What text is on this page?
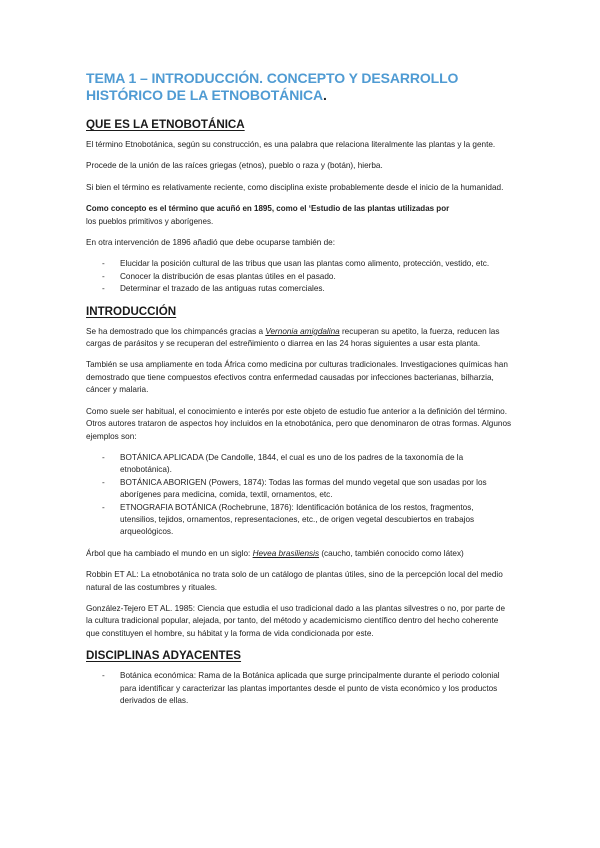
TEMA 1 – INTRODUCCIÓN. CONCEPTO Y DESARROLLO
HISTÓRICO DE LA ETNOBOTÁNICA.
QUE ES LA ETNOBOTÁNICA

El término Etnobotánica, según su construcción, es una palabra que relaciona literalmente las plantas y la gente.

Procede de la unión de las raíces griegas (etnos), pueblo o raza y (botán), hierba.

Si bien el término es relativamente reciente, como disciplina existe probablemente desde el inicio de la humanidad.

Como concepto es el término que acuñó en 1895, como el ‘Estudio de las plantas utilizadas por
los pueblos primitivos y aborígenes.

En otra intervención de 1896 añadió que debe ocuparse también de:

- Elucidar la posición cultural de las tribus que usan las plantas como alimento, protección, vestido, etc.
- Conocer la distribución de esas plantas útiles en el pasado.
- Determinar el trazado de las antiguas rutas comerciales.
INTRODUCCIÓN

Se ha demostrado que los chimpancés gracias a Vernonia amigdalina recuperan su apetito, la fuerza, reducen las cargas de parásitos y se recuperan del estreñimiento o diarrea en las 24 horas siguientes a usar esta planta.

También se usa ampliamente en toda África como medicina por culturas tradicionales. Investigaciones químicas han demostrado que tiene compuestos efectivos contra enfermedad causadas por infecciones bacterianas, bilharzia, cáncer y malaria.

Como suele ser habitual, el conocimiento e interés por este objeto de estudio fue anterior a la definición del término. Otros autores trataron de aspectos hoy incluidos en la etnobotánica, pero que denominaron de otras formas. Algunos ejemplos son:

- BOTÁNICA APLICADA (De Candolle, 1844, el cual es uno de los padres de la taxonomía de la etnobotánica).
- BOTÁNICA ABORIGEN (Powers, 1874): Todas las formas del mundo vegetal que son usadas por los aborígenes para medicina, comida, textil, ornamentos, etc.
- ETNOGRAFIA BOTÁNICA (Rochebrune, 1876): Identificación botánica de los restos, fragmentos, utensilios, tejidos, ornamentos, representaciones, etc., de origen vegetal descubiertos en trabajos arqueológicos.

Árbol que ha cambiado el mundo en un siglo: Hevea brasiliensis (caucho, también conocido como látex)

Robbin ET AL: La etnobotánica no trata solo de un catálogo de plantas útiles, sino de la percepción local del medio natural de las costumbres y rituales.

González-Tejero ET AL. 1985: Ciencia que estudia el uso tradicional dado a las plantas silvestres o no, por parte de la cultura tradicional popular, alejada, por tanto, del método y academicismo científico dentro del hecho coherente que constituyen el hombre, su hábitat y la forma de vida condicionada por este.

DISCIPLINAS ADYACENTES
- Botánica económica: Rama de la Botánica aplicada que surge principalmente durante el periodo colonial para identificar y caracterizar las plantas importantes desde el punto de vista económico y los productos derivados de ellas.
